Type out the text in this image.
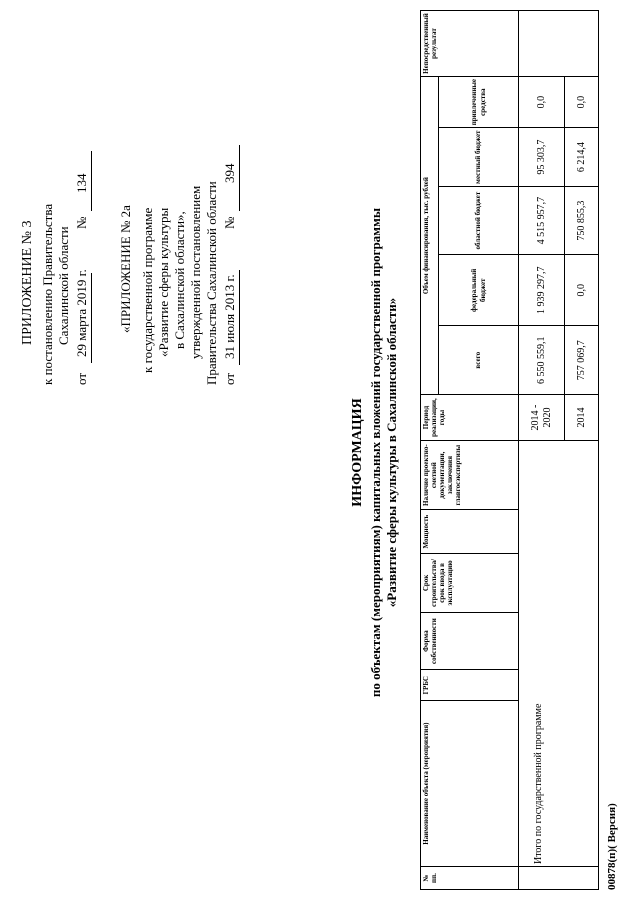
ПРИЛОЖЕНИЕ № 3 к постановлению Правительства Сахалинской области
от
29 марта 2019 г.
№
134
«ПРИЛОЖЕНИЕ № 2а к государственной программе «Развитие сферы культуры в Сахалинской области», утвержденной постановлением Правительства Сахалинской области от
31 июля 2013 г.
№
394
ИНФОРМАЦИЯ по объектам (мероприятиям) капитальных вложений государственной программы «Развитие сферы культуры в Сахалинской области»
№ пп.	Наименование объекта (мероприятия)	ГРБС	Форма собственности	Срок строительства/ срок ввода в эксплуатацию	Мощность	Наличие проектно-сметной документации, заключения главгосэкспертизы	Период реализации, годы	Объем финансирования, тыс. рублей					Непосредственный результат
								всего	федеральный бюджет	областной бюджет	местный бюджет	привлеченные средства	
	Итого по государственной программе						2014 - 2020	6 550 559,1	1 939 297,7	4 515 957,7	95 303,7	0,0	
							2014	757 069,7	0,0	750 855,3	6 214,4	0,0	
00878(п)( Версия)
